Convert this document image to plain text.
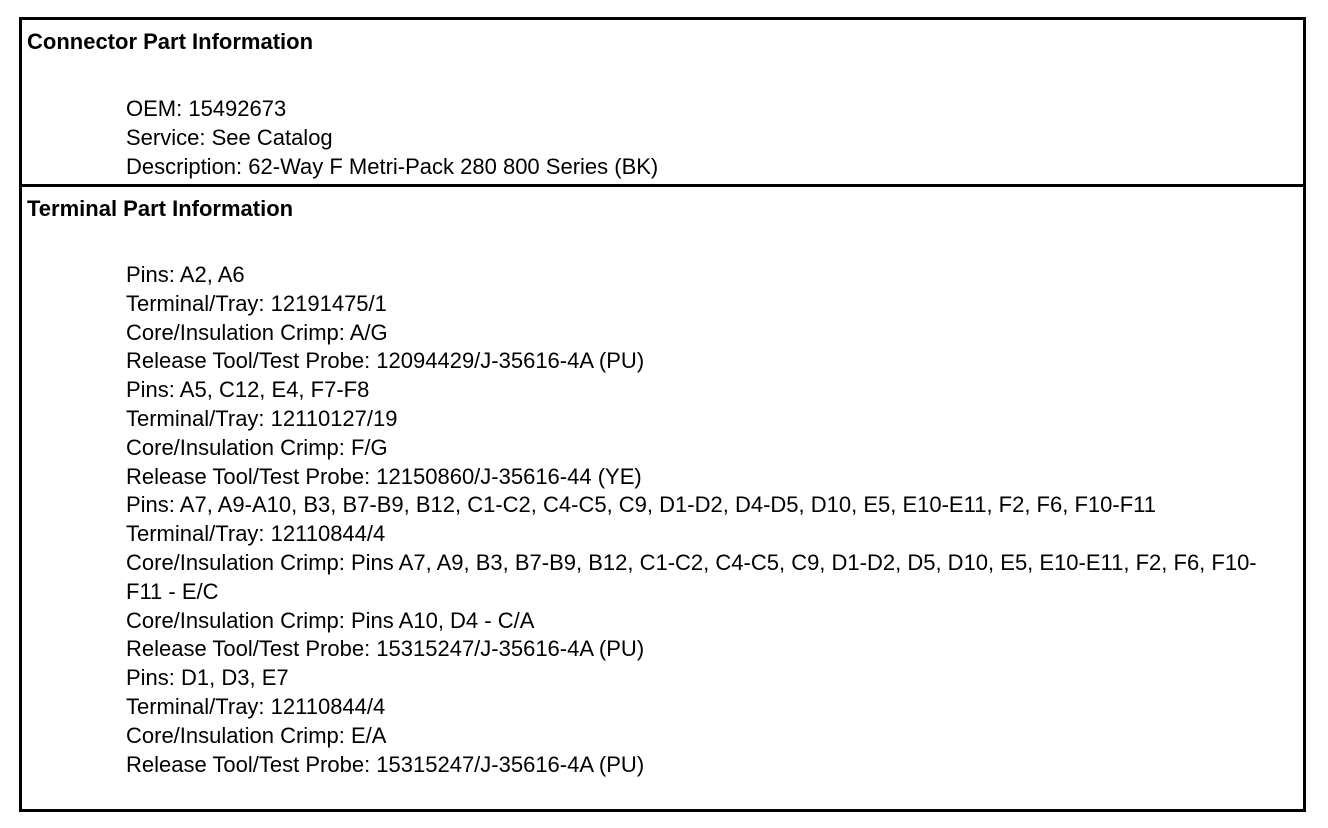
Connector Part Information
OEM: 15492673
Service: See Catalog
Description: 62-Way F Metri-Pack 280 800 Series (BK)
Terminal Part Information
Pins: A2, A6
Terminal/Tray: 12191475/1
Core/Insulation Crimp: A/G
Release Tool/Test Probe: 12094429/J-35616-4A (PU)
Pins: A5, C12, E4, F7-F8
Terminal/Tray: 12110127/19
Core/Insulation Crimp: F/G
Release Tool/Test Probe: 12150860/J-35616-44 (YE)
Pins: A7, A9-A10, B3, B7-B9, B12, C1-C2, C4-C5, C9, D1-D2, D4-D5, D10, E5, E10-E11, F2, F6, F10-F11
Terminal/Tray: 12110844/4
Core/Insulation Crimp: Pins A7, A9, B3, B7-B9, B12, C1-C2, C4-C5, C9, D1-D2, D5, D10, E5, E10-E11, F2, F6, F10-F11 - E/C
Core/Insulation Crimp: Pins A10, D4 - C/A
Release Tool/Test Probe: 15315247/J-35616-4A (PU)
Pins: D1, D3, E7
Terminal/Tray: 12110844/4
Core/Insulation Crimp: E/A
Release Tool/Test Probe: 15315247/J-35616-4A (PU)
